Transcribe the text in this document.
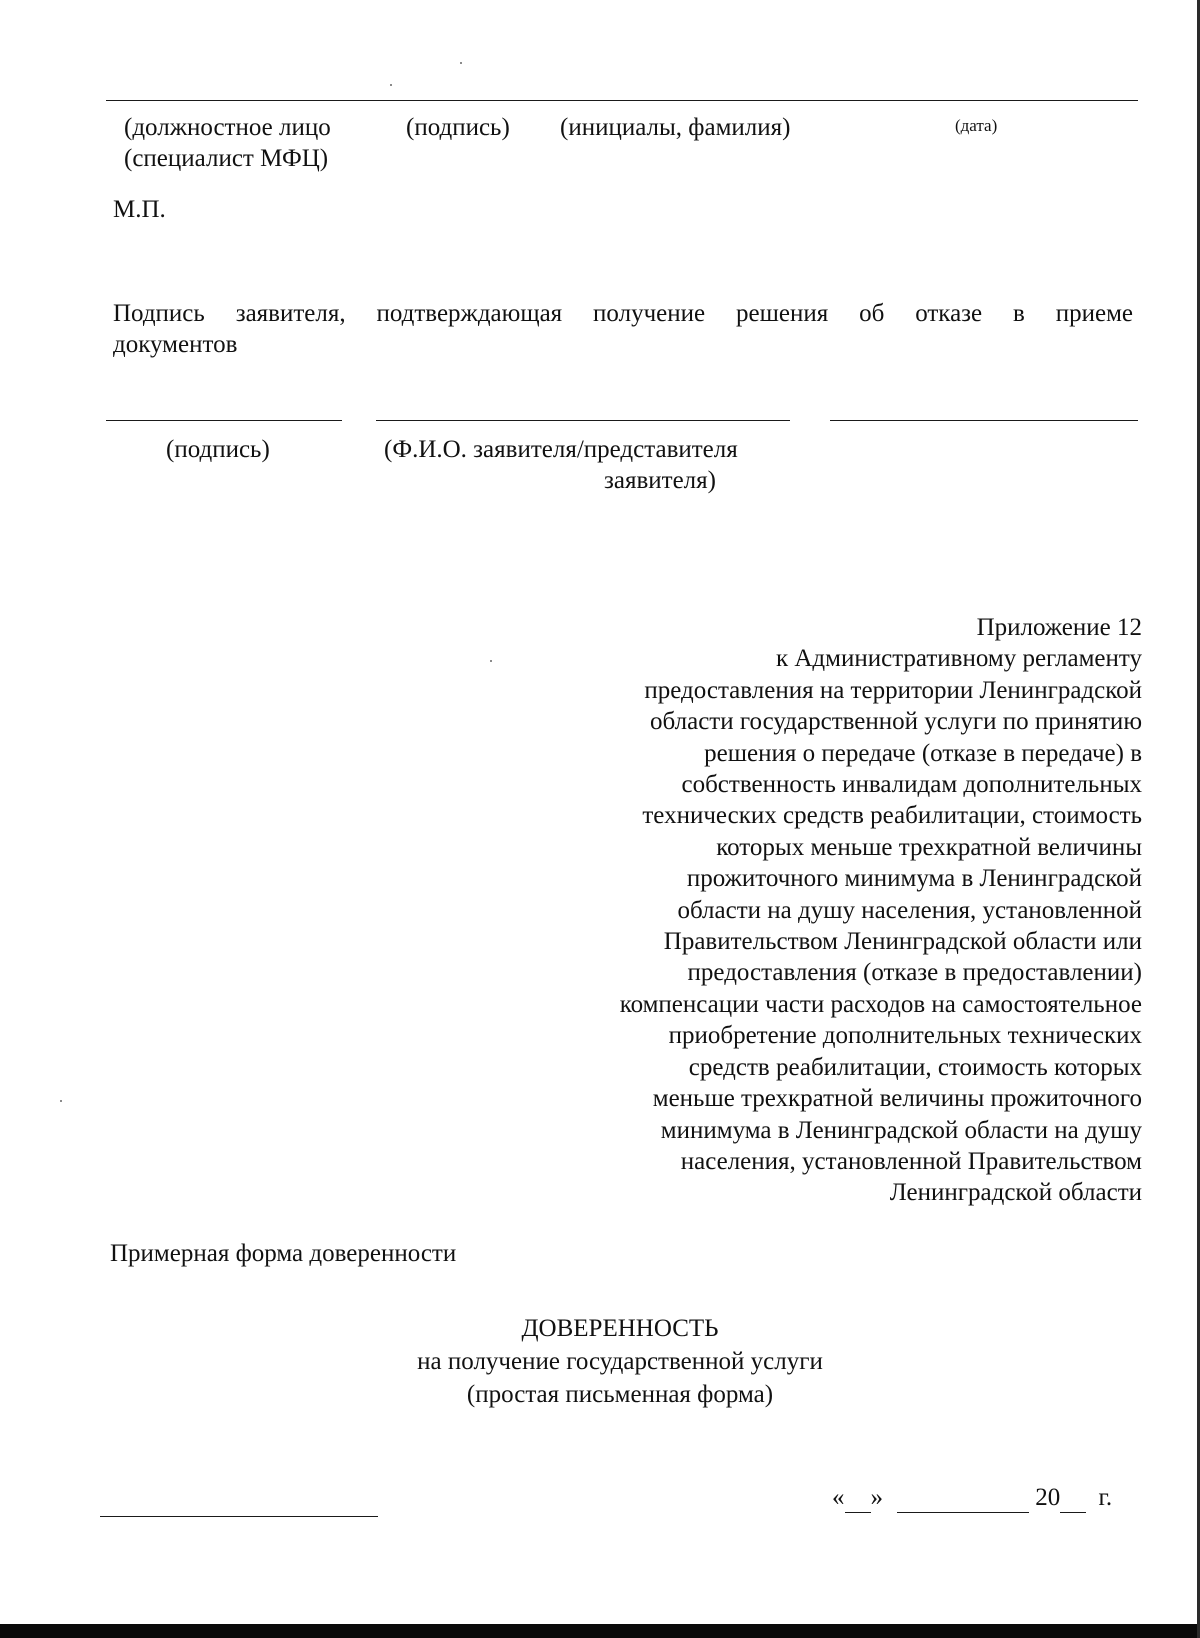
(должностное лицо
(специалист МФЦ)
(подпись) (инициалы, фамилия)	(дата)
М.П.
Подпись заявителя, подтверждающая получение решения об отказе в приеме
документов
(подпись)	(Ф.И.О. заявителя/представителя
заявителя)
Приложение 12
к Административному регламенту
предоставления на территории Ленинградской
области государственной услуги по принятию
решения о передаче (отказе в передаче) в
собственность инвалидам дополнительных
технических средств реабилитации, стоимость
которых меньше трехкратной величины
прожиточного минимума в Ленинградской
области на душу населения, установленной
Правительством Ленинградской области или
предоставления (отказе в предоставлении)
компенсации части расходов на самостоятельное
приобретение дополнительных технических
средств реабилитации, стоимость которых
меньше трехкратной величины прожиточного
минимума в Ленинградской области на душу
населения, установленной Правительством
Ленинградской области
Примерная форма доверенности
ДОВЕРЕННОСТЬ
на получение государственной услуги
(простая письменная форма)
« »	20 г.
